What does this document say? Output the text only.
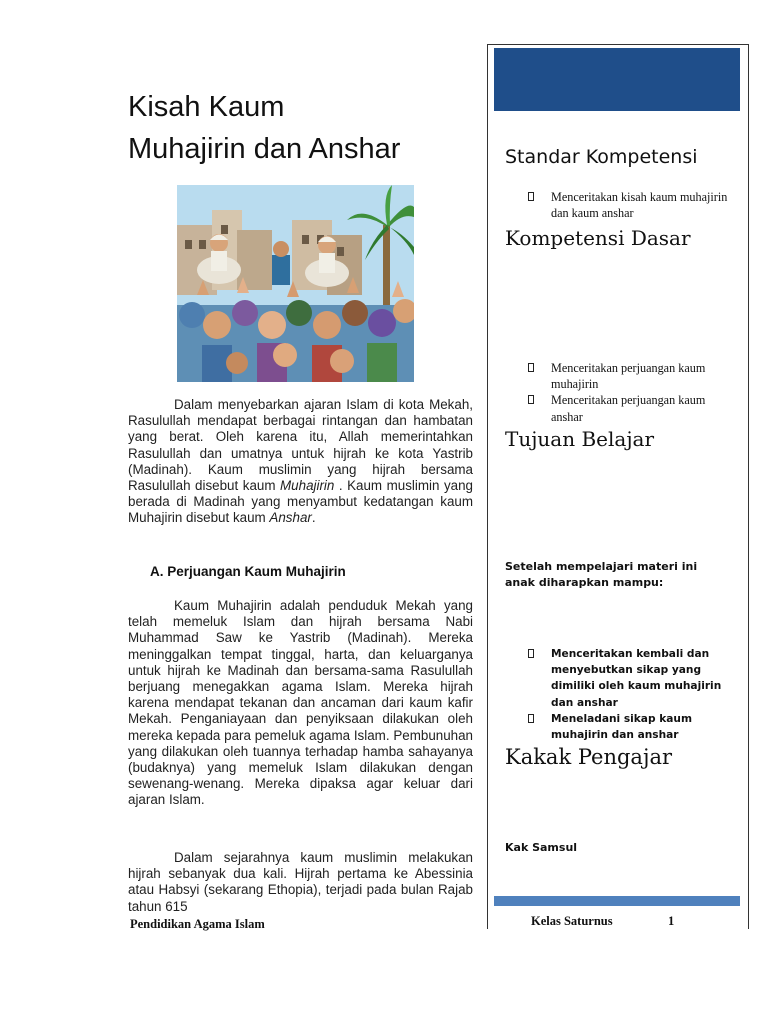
Kisah Kaum
Muhajirin dan Anshar

Dalam menyebarkan ajaran Islam di kota Mekah, Rasulullah mendapat berbagai rintangan dan hambatan yang berat. Oleh karena itu, Allah memerintahkan Rasulullah dan umatnya untuk hijrah ke kota Yastrib (Madinah). Kaum muslimin yang hijrah bersama Rasulullah disebut kaum Muhajirin . Kaum muslimin yang berada di Madinah yang menyambut kedatangan kaum Muhajirin disebut kaum Anshar.

A. Perjuangan Kaum Muhajirin

Kaum Muhajirin adalah penduduk Mekah yang telah memeluk Islam dan hijrah bersama Nabi Muhammad Saw ke Yastrib (Madinah). Mereka meninggalkan tempat tinggal, harta, dan keluarganya untuk hijrah ke Madinah dan bersama-sama Rasulullah berjuang menegakkan agama Islam. Mereka hijrah karena mendapat tekanan dan ancaman dari kaum kafir Mekah. Penganiayaan dan penyiksaan dilakukan oleh mereka kepada para pemeluk agama Islam. Pembunuhan yang dilakukan oleh tuannya terhadap hamba sahayanya (budaknya) yang memeluk Islam dilakukan dengan sewenang-wenang. Mereka dipaksa agar keluar dari ajaran Islam.

Dalam sejarahnya kaum muslimin melakukan hijrah sebanyak dua kali. Hijrah pertama ke Abessinia atau Habsyi (sekarang Ethopia), terjadi pada bulan Rajab tahun 615

Pendidikan Agama Islam
Standar Kompetensi
Menceritakan kisah kaum muhajirin dan kaum anshar
Kompetensi Dasar
Menceritakan perjuangan kaum muhajirin
Menceritakan perjuangan kaum anshar
Tujuan Belajar

Setelah mempelajari materi ini anak diharapkan mampu:

Menceritakan kembali dan menyebutkan sikap yang dimiliki oleh kaum muhajirin dan anshar
Meneladani sikap kaum muhajirin dan anshar
Kakak Pengajar

Kak Samsul

Kelas Saturnus	1
